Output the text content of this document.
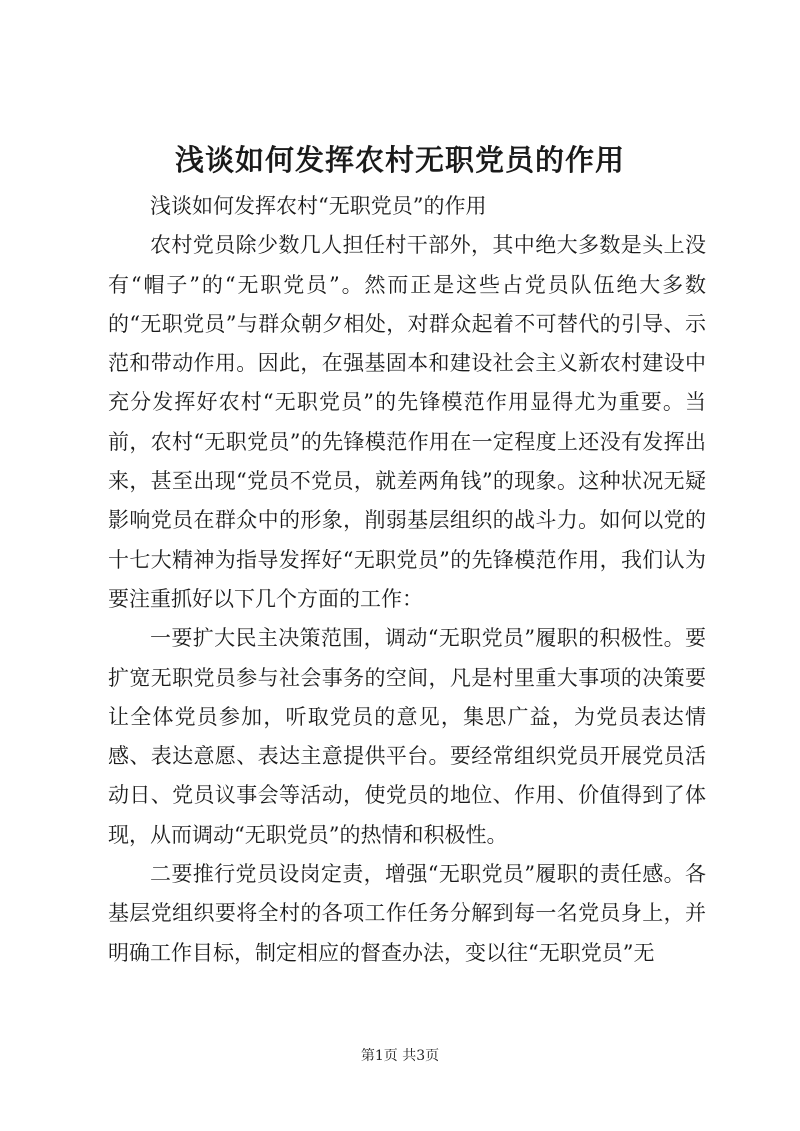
浅谈如何发挥农村无职党员的作用

浅谈如何发挥农村“无职党员”的作用

农村党员除少数几人担任村干部外，其中绝大多数是头上没有“帽子”的“无职党员”。然而正是这些占党员队伍绝大多数的“无职党员”与群众朝夕相处，对群众起着不可替代的引导、示范和带动作用。因此，在强基固本和建设社会主义新农村建设中充分发挥好农村“无职党员”的先锋模范作用显得尤为重要。当前，农村“无职党员”的先锋模范作用在一定程度上还没有发挥出来，甚至出现“党员不党员，就差两角钱”的现象。这种状况无疑影响党员在群众中的形象，削弱基层组织的战斗力。如何以党的十七大精神为指导发挥好“无职党员”的先锋模范作用，我们认为要注重抓好以下几个方面的工作：

一要扩大民主决策范围，调动“无职党员”履职的积极性。要扩宽无职党员参与社会事务的空间，凡是村里重大事项的决策要让全体党员参加，听取党员的意见，集思广益，为党员表达情感、表达意愿、表达主意提供平台。要经常组织党员开展党员活动日、党员议事会等活动，使党员的地位、作用、价值得到了体现，从而调动“无职党员”的热情和积极性。

二要推行党员设岗定责，增强“无职党员”履职的责任感。各基层党组织要将全村的各项工作任务分解到每一名党员身上，并明确工作目标，制定相应的督查办法，变以往“无职党员”无

第1页 共3页
